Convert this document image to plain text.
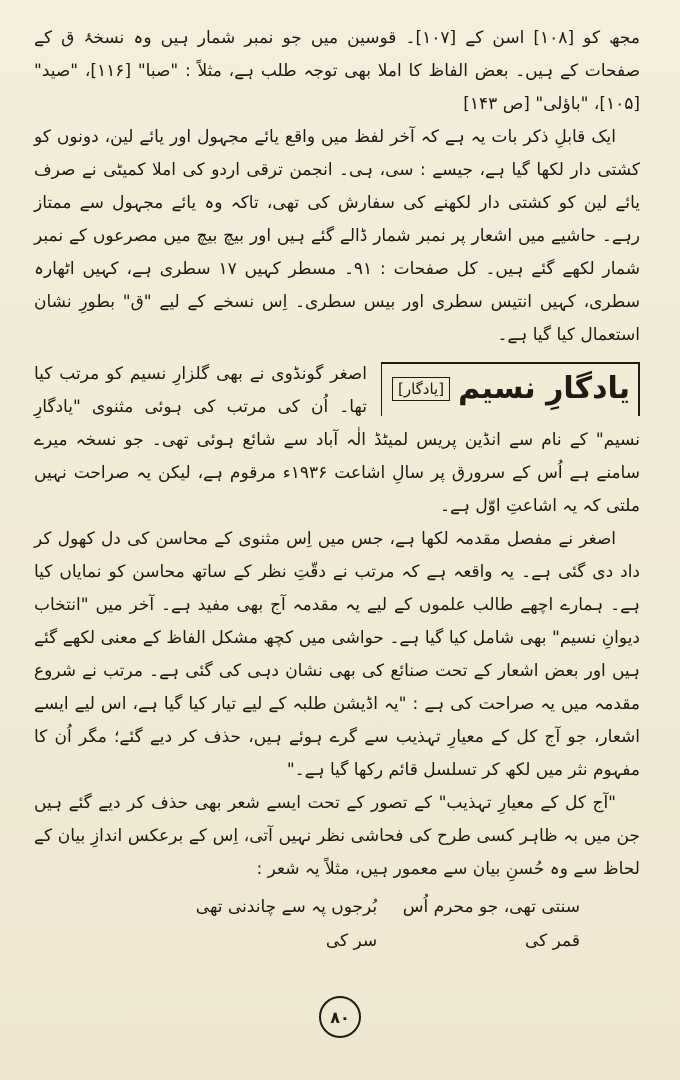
مجھ کو [۱۰۸] اسن کے [۱۰۷]۔ قوسین میں جو نمبر شمار ہیں وہ نسخۂ ق کے صفحات کے ہیں۔ بعض الفاظ کا املا بھی توجہ طلب ہے، مثلاً : "صبا" [۱۱۶]، "صید" [۱۰۵]، "باؤلی" [ص ۱۴۳]

ایک قابلِ ذکر بات یہ ہے کہ آخر لفظ میں واقع یائے مجہول اور یائے لین، دونوں کو کشتی دار لکھا گیا ہے، جیسے : سی، ہی۔ انجمن ترقی اردو کی املا کمیٹی نے صرف یائے لین کو کشتی دار لکھنے کی سفارش کی تھی، تاکہ وہ یائے مجہول سے ممتاز رہے۔ حاشیے میں اشعار پر نمبر شمار ڈالے گئے ہیں اور بیچ بیچ میں مصرعوں کے نمبر شمار لکھے گئے ہیں۔ کل صفحات : ۹۱۔ مسطر کہیں ۱۷ سطری ہے، کہیں اٹھارہ سطری، کہیں انتیس سطری اور بیس سطری۔ اِس نسخے کے لیے "ق" بطورِ نشان استعمال کیا گیا ہے۔

یادگارِ نسیم
[یادگار]

اصغر گونڈوی نے بھی گلزارِ نسیم کو مرتب کیا تھا۔ اُن کی مرتب کی ہوئی مثنوی "یادگارِ نسیم" کے نام سے انڈین پریس لمیٹڈ الٰہ آباد سے شائع ہوئی تھی۔ جو نسخہ میرے سامنے ہے اُس کے سرورق پر سالِ اشاعت ۱۹۳۶ء مرقوم ہے، لیکن یہ صراحت نہیں ملتی کہ یہ اشاعتِ اوّل ہے۔

اصغر نے مفصل مقدمہ لکھا ہے، جس میں اِس مثنوی کے محاسن کی دل کھول کر داد دی گئی ہے۔ یہ واقعہ ہے کہ مرتب نے دقّتِ نظر کے ساتھ محاسن کو نمایاں کیا ہے۔ ہمارے اچھے طالب علموں کے لیے یہ مقدمہ آج بھی مفید ہے۔ آخر میں "انتخاب دیوانِ نسیم" بھی شامل کیا گیا ہے۔ حواشی میں کچھ مشکل الفاظ کے معنی لکھے گئے ہیں اور بعض اشعار کے تحت صنائع کی بھی نشان دہی کی گئی ہے۔ مرتب نے شروع مقدمہ میں یہ صراحت کی ہے : "یہ اڈیشن طلبہ کے لیے تیار کیا گیا ہے، اس لیے ایسے اشعار، جو آج کل کے معیارِ تہذیب سے گرے ہوئے ہیں، حذف کر دیے گئے؛ مگر اُن کا مفہوم نثر میں لکھ کر تسلسل قائم رکھا گیا ہے۔"

"آج کل کے معیارِ تہذیب" کے تصور کے تحت ایسے شعر بھی حذف کر دیے گئے ہیں جن میں بہ ظاہر کسی طرح کی فحاشی نظر نہیں آتی، اِس کے برعکس اندازِ بیان کے لحاظ سے وہ حُسنِ بیان سے معمور ہیں، مثلاً یہ شعر :

سنتی تھی، جو محرم اُس قمر کی
بُرجوں پہ سے چاندنی تھی سر کی
۸۰
